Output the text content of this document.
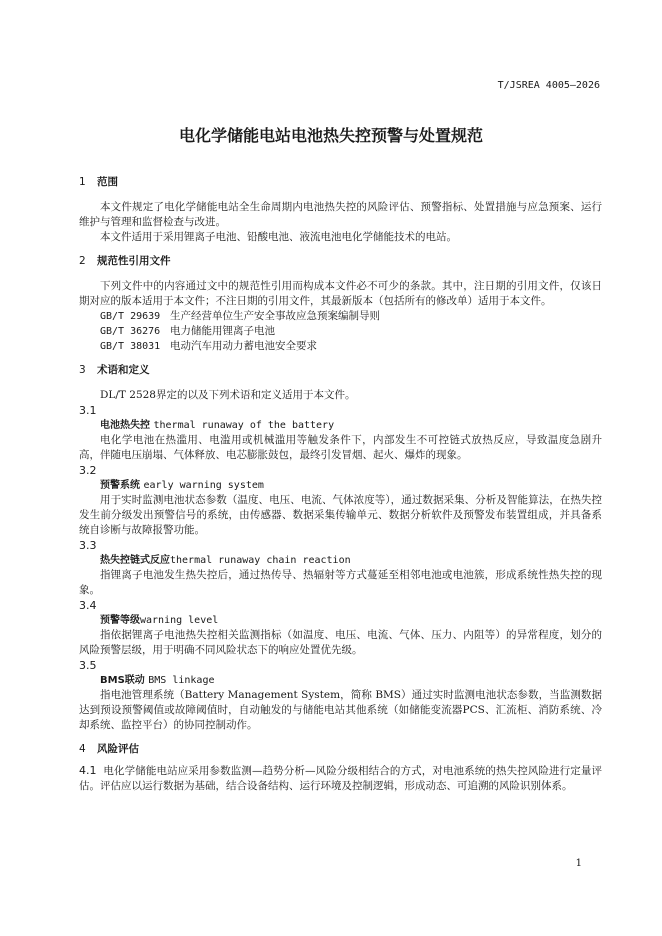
T/JSREA 4005—2026
电化学储能电站电池热失控预警与处置规范
1 范围

本文件规定了电化学储能电站全生命周期内电池热失控的风险评估、预警指标、处置措施与应急预案、运行维护与管理和监督检查与改进。

本文件适用于采用锂离子电池、铅酸电池、液流电池电化学储能技术的电站。

2 规范性引用文件

下列文件中的内容通过文中的规范性引用而构成本文件必不可少的条款。其中，注日期的引用文件，仅该日期对应的版本适用于本文件；不注日期的引用文件，其最新版本（包括所有的修改单）适用于本文件。

GB/T 29639 生产经营单位生产安全事故应急预案编制导则

GB/T 36276 电力储能用锂离子电池

GB/T 38031 电动汽车用动力蓄电池安全要求

3 术语和定义

DL/T 2528界定的以及下列术语和定义适用于本文件。

3.1

电池热失控 thermal runaway of the battery

电化学电池在热滥用、电滥用或机械滥用等触发条件下，内部发生不可控链式放热反应，导致温度急剧升高，伴随电压崩塌、气体释放、电芯膨胀鼓包，最终引发冒烟、起火、爆炸的现象。

3.2

预警系统 early warning system

用于实时监测电池状态参数（温度、电压、电流、气体浓度等），通过数据采集、分析及智能算法，在热失控发生前分级发出预警信号的系统，由传感器、数据采集传输单元、数据分析软件及预警发布装置组成，并具备系统自诊断与故障报警功能。

3.3

热失控链式反应thermal runaway chain reaction

指锂离子电池发生热失控后，通过热传导、热辐射等方式蔓延至相邻电池或电池簇，形成系统性热失控的现象。

3.4

预警等级warning level

指依据锂离子电池热失控相关监测指标（如温度、电压、电流、气体、压力、内阻等）的异常程度，划分的风险预警层级，用于明确不同风险状态下的响应处置优先级。

3.5

BMS联动 BMS linkage

指电池管理系统（Battery Management System，简称 BMS）通过实时监测电池状态参数，当监测数据达到预设预警阈值或故障阈值时，自动触发的与储能电站其他系统（如储能变流器PCS、汇流柜、消防系统、冷却系统、监控平台）的协同控制动作。

4 风险评估

4.1 电化学储能电站应采用参数监测—趋势分析—风险分级相结合的方式，对电池系统的热失控风险进行定量评估。评估应以运行数据为基础，结合设备结构、运行环境及控制逻辑，形成动态、可追溯的风险识别体系。

1
